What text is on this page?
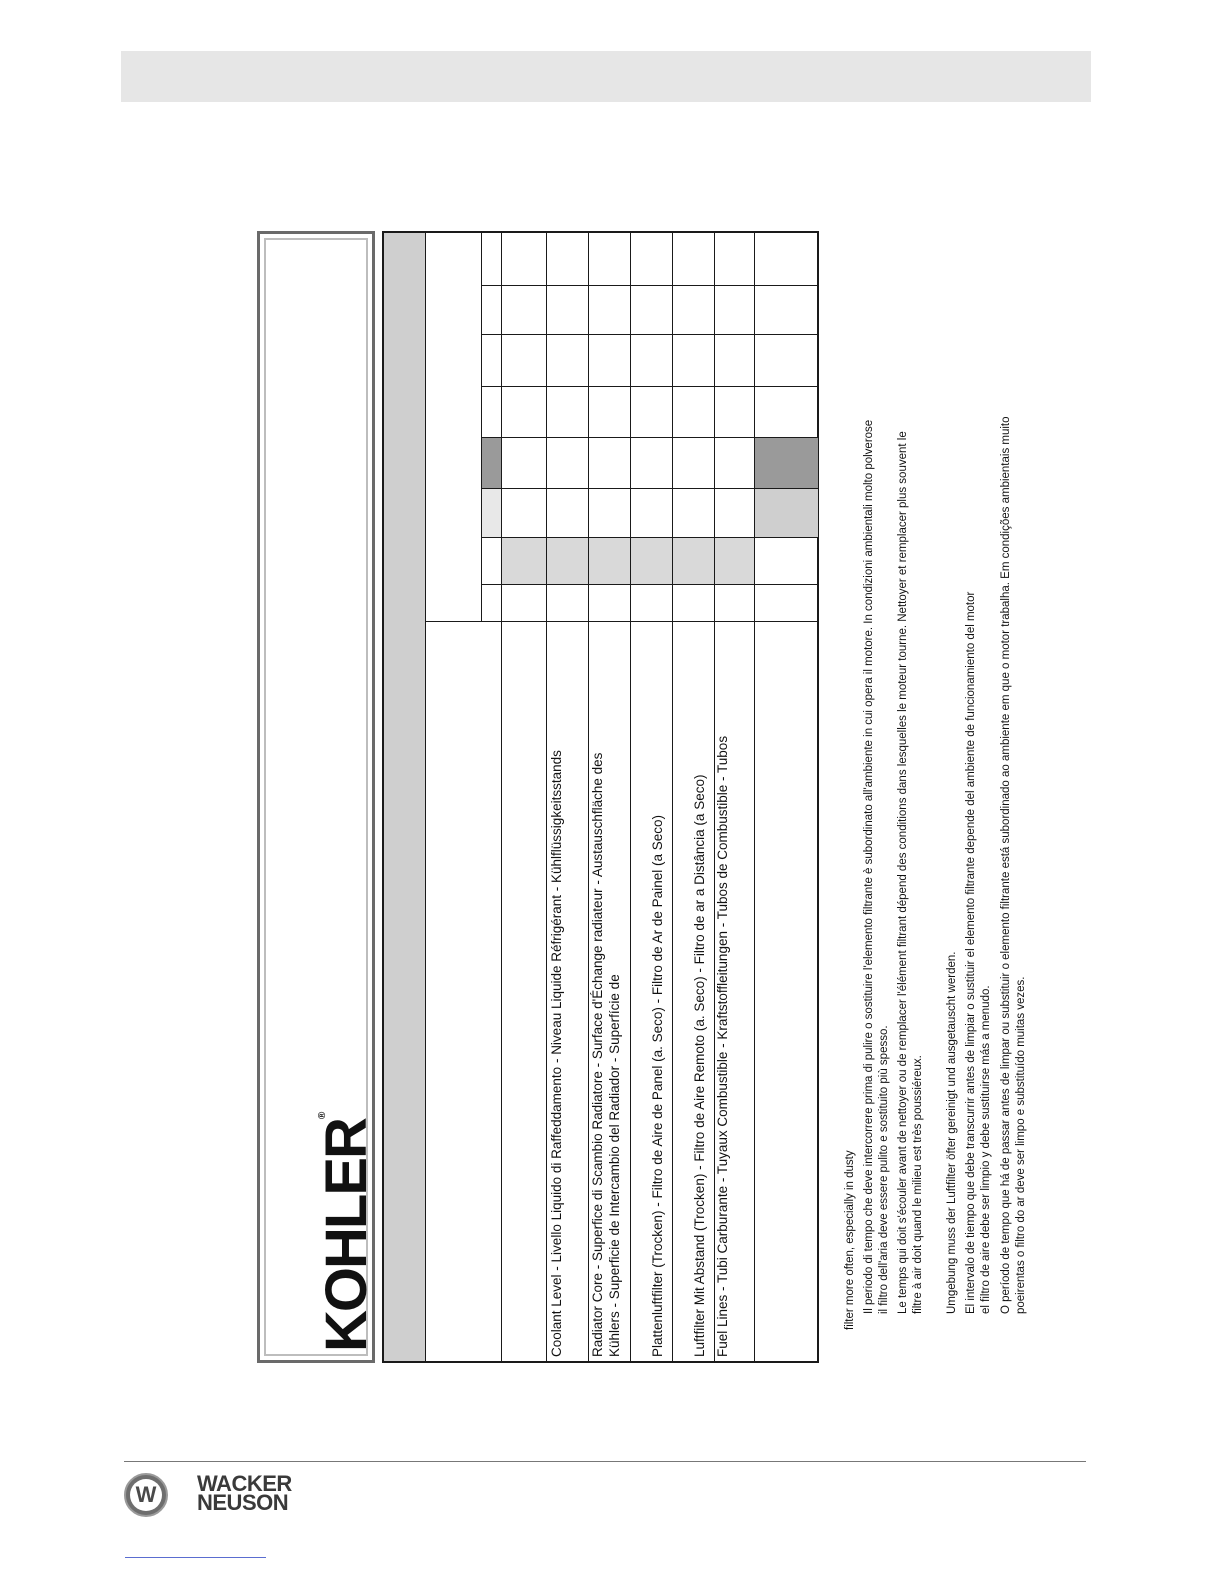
KOHLER®	Coolant Level - Livello Liquido di Raffeddamento - Niveau Liquide Réfrigérant - Kühlflüssigkeitsstands Radiator Core - Superfice di Scambio Radiatore - Surface d'Échange radiateur - Austauschfläche des Kühlers - Superficie de Intercambio del Radiador - Superfície de Plattenluftfilter (Trocken) - Filtro de Aire de Panel (a. Seco) - Filtro de Ar de Painel (a Seco) Luftfilter Mit Abstand (Trocken) - Filtro de Aire Remoto (a. Seco) - Filtro de ar a Distância (a Seco) Fuel Lines - Tubi Carburante - Tuyaux Combustible - Kraftstoffleitungen - Tubos de Combustible - Tubos	filter more often, especially in dusty Il periodo di tempo che deve intercorrere prima di pulire o sostituire l'elemento filtrante è subordinato all'ambiente in cui opera il motore. In condizioni ambientali molto polverose il filtro dell'aria deve essere pulito e sostituito più spesso. Le temps qui doit s'écouler avant de nettoyer ou de remplacer l'élément filtrant dépend des conditions dans lesquelles le moteur tourne. Nettoyer et remplacer plus souvent le filtre à air doit quand le milieu est très poussiéreux. Umgebung muss der Luftfilter öfter gereinigt und ausgetauscht werden. El intervalo de tiempo que debe transcurrir antes de limpiar o sustituir el elemento filtrante depende del ambiente de funcionamiento del motor el filtro de aire debe ser limpio y debe sustituirse más a menudo. O período de tempo que há de passar antes de limpar ou substituir o elemento filtrante está subordinado ao ambiente em que o motor trabalha. Em condições ambientais muito poeirentas o filtro do ar deve ser limpo e substituído muitas vezes.
W WACKER
NEUSON
